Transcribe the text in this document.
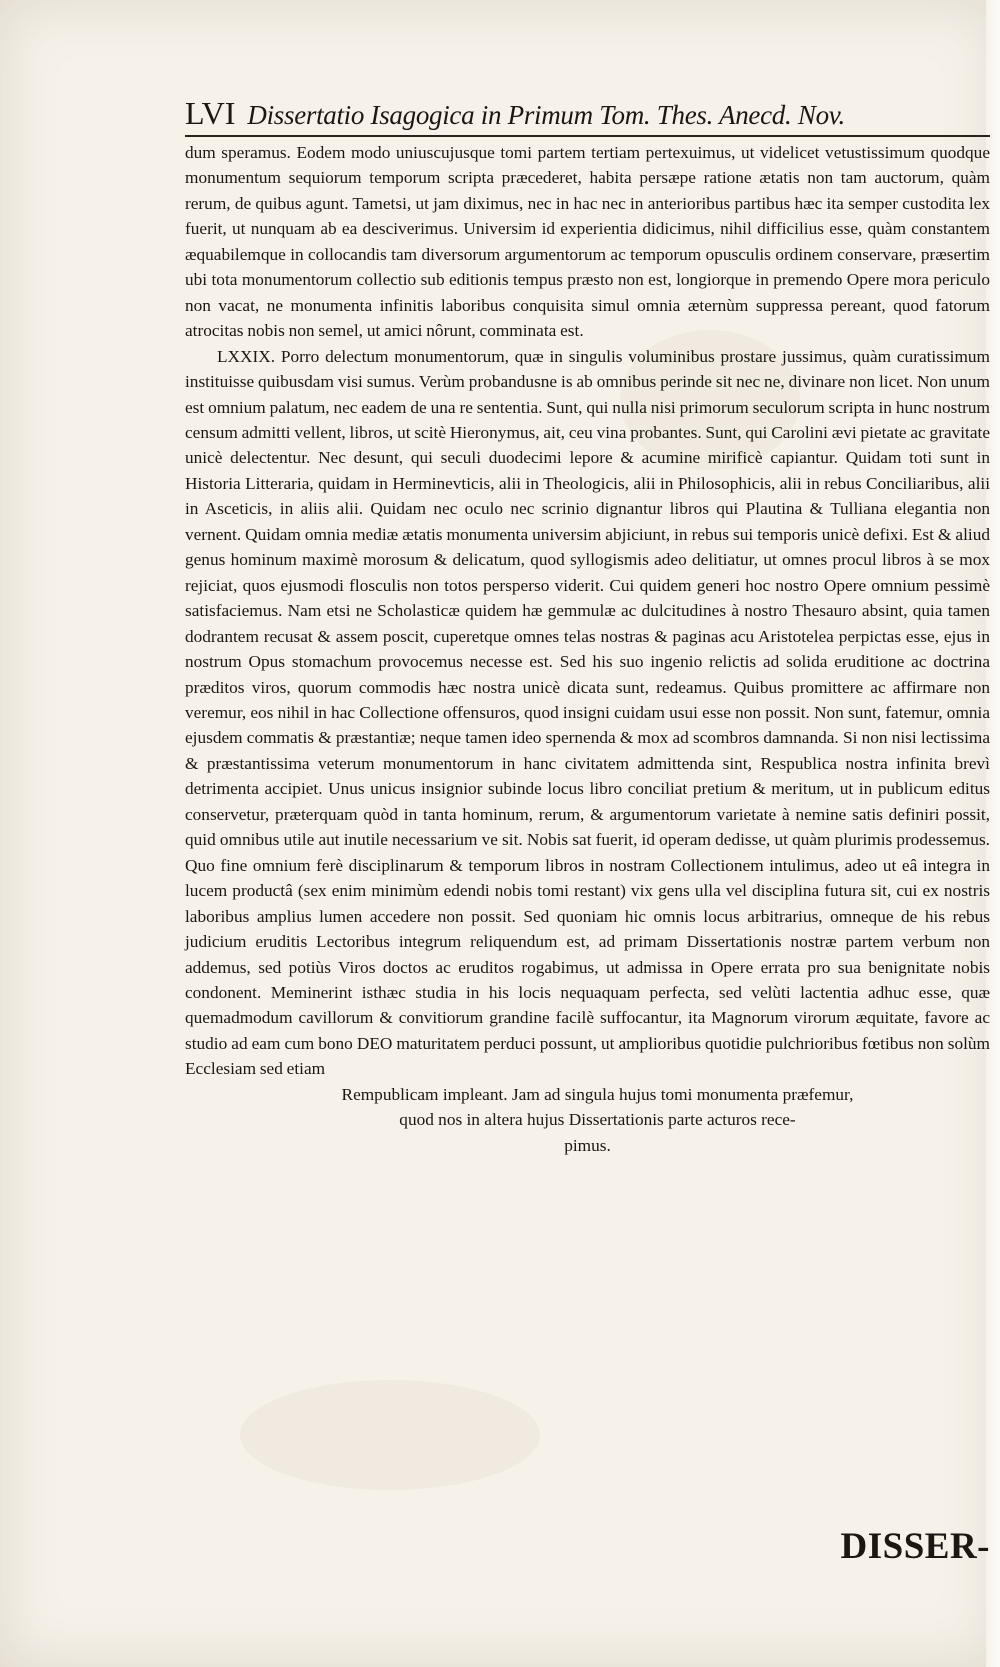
LVI Dissertatio Isagogica in Primum Tom. Thes. Anecd. Nov.

dum speramus. Eodem modo uniuscujusque tomi partem tertiam pertexuimus, ut videlicet vetustissimum quodque monumentum sequiorum temporum scripta præcederet, habita persæpe ratione ætatis non tam auctorum, quàm rerum, de quibus agunt. Tametsi, ut jam diximus, nec in hac nec in anterioribus partibus hæc ita semper custodita lex fuerit, ut nunquam ab ea desciverimus. Universim id experientia didicimus, nihil difficilius esse, quàm constantem æquabilemque in collocandis tam diversorum argumentorum ac temporum opusculis ordinem conservare, præsertim ubi tota monumentorum collectio sub editionis tempus præsto non est, longiorque in premendo Opere mora periculo non vacat, ne monumenta infinitis laboribus conquisita simul omnia æternùm suppressa pereant, quod fatorum atrocitas nobis non semel, ut amici nôrunt, comminata est.

LXXIX. Porro delectum monumentorum, quæ in singulis voluminibus prostare jussimus, quàm curatissimum instituisse quibusdam visi sumus. Verùm probandusne is ab omnibus perinde sit nec ne, divinare non licet. Non unum est omnium palatum, nec eadem de una re sententia. Sunt, qui nulla nisi primorum seculorum scripta in hunc nostrum censum admitti vellent, libros, ut scitè Hieronymus, ait, ceu vina probantes. Sunt, qui Carolini ævi pietate ac gravitate unicè delectentur. Nec desunt, qui seculi duodecimi lepore & acumine mirificè capiantur. Quidam toti sunt in Historia Litteraria, quidam in Herminevticis, alii in Theologicis, alii in Philosophicis, alii in rebus Conciliaribus, alii in Asceticis, in aliis alii. Quidam nec oculo nec scrinio dignantur libros qui Plautina & Tulliana elegantia non vernent. Quidam omnia mediæ ætatis monumenta universim abjiciunt, in rebus sui temporis unicè defixi. Est & aliud genus hominum maximè morosum & delicatum, quod syllogismis adeo delitiatur, ut omnes procul libros à se mox rejiciat, quos ejusmodi flosculis non totos persperso viderit. Cui quidem generi hoc nostro Opere omnium pessimè satisfaciemus. Nam etsi ne Scholasticæ quidem hæ gemmulæ ac dulcitudines à nostro Thesauro absint, quia tamen dodrantem recusat & assem poscit, cuperetque omnes telas nostras & paginas acu Aristotelea perpictas esse, ejus in nostrum Opus stomachum provocemus necesse est. Sed his suo ingenio relictis ad solida eruditione ac doctrina præditos viros, quorum commodis hæc nostra unicè dicata sunt, redeamus. Quibus promittere ac affirmare non veremur, eos nihil in hac Collectione offensuros, quod insigni cuidam usui esse non possit. Non sunt, fatemur, omnia ejusdem commatis & præstantiæ; neque tamen ideo spernenda & mox ad scombros damnanda. Si non nisi lectissima & præstantissima veterum monumentorum in hanc civitatem admittenda sint, Respublica nostra infinita brevì detrimenta accipiet. Unus unicus insignior subinde locus libro conciliat pretium & meritum, ut in publicum editus conservetur, præterquam quòd in tanta hominum, rerum, & argumentorum varietate à nemine satis definiri possit, quid omnibus utile aut inutile necessarium ve sit. Nobis sat fuerit, id operam dedisse, ut quàm plurimis prodessemus. Quo fine omnium ferè disciplinarum & temporum libros in nostram Collectionem intulimus, adeo ut eâ integra in lucem productâ (sex enim minimùm edendi nobis tomi restant) vix gens ulla vel disciplina futura sit, cui ex nostris laboribus amplius lumen accedere non possit. Sed quoniam hic omnis locus arbitrarius, omneque de his rebus judicium eruditis Lectoribus integrum reliquendum est, ad primam Dissertationis nostræ partem verbum non addemus, sed potiùs Viros doctos ac eruditos rogabimus, ut admissa in Opere errata pro sua benignitate nobis condonent. Meminerint isthæc studia in his locis nequaquam perfecta, sed velùti lactentia adhuc esse, quæ quemadmodum cavillorum & convitiorum grandine facilè suffocantur, ita Magnorum virorum æquitate, favore ac studio ad eam cum bono DEO maturitatem perduci possunt, ut amplioribus quotidie pulchrioribus fœtibus non solùm Ecclesiam sed etiam

Rempublicam impleant. Jam ad singula hujus tomi monumenta præfemur,
quod nos in altera hujus Dissertationis parte acturos rece-
pimus.
DISSER-
